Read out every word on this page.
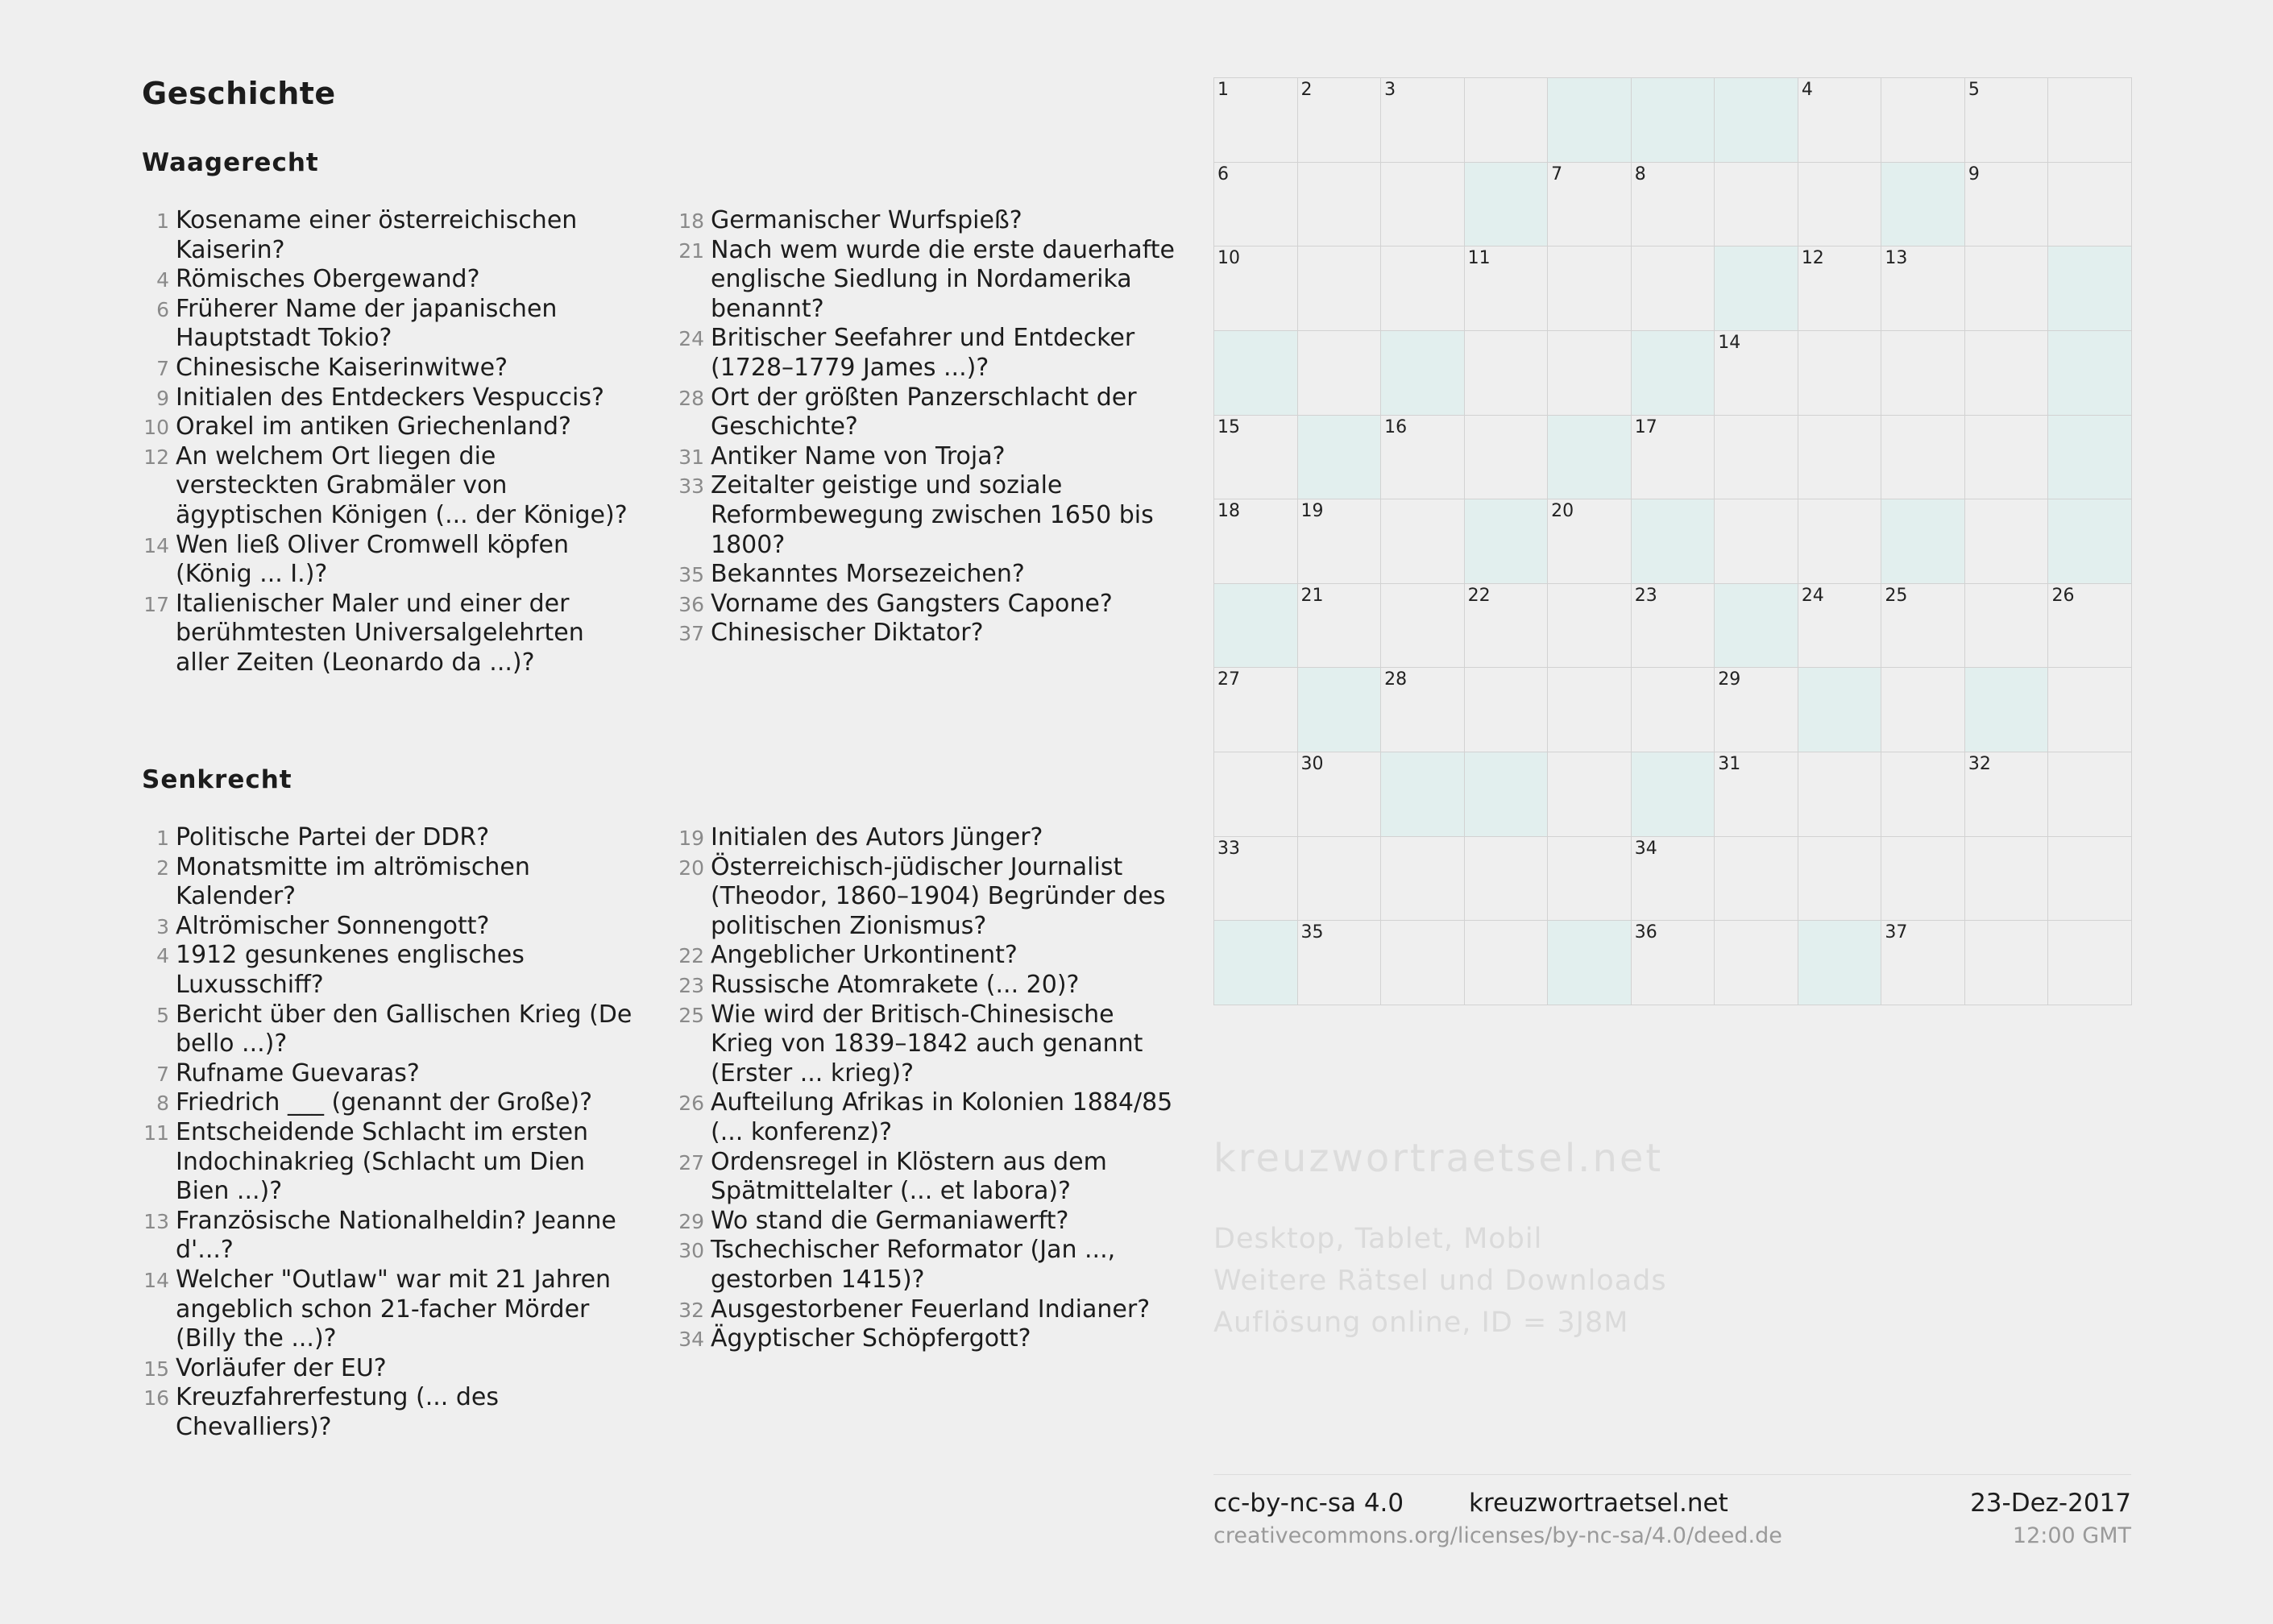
Geschichte
Waagerecht
Senkrecht
1 Kosename einer österreichischen Kaiserin?
4 Römisches Obergewand?
6 Früherer Name der japanischen Hauptstadt Tokio?
7 Chinesische Kaiserinwitwe?
9 Initialen des Entdeckers Vespuccis?
10 Orakel im antiken Griechenland?
12 An welchem Ort liegen die versteckten Grabmäler von ägyptischen Königen (... der Könige)?
14 Wen ließ Oliver Cromwell köpfen (König ... I.)?
17 Italienischer Maler und einer der berühmtesten Universalgelehrten aller Zeiten (Leonardo da ...)?
18 Germanischer Wurfspieß?
21 Nach wem wurde die erste dauerhafte englische Siedlung in Nordamerika benannt?
24 Britischer Seefahrer und Entdecker (1728–1779 James ...)?
28 Ort der größten Panzerschlacht der Geschichte?
31 Antiker Name von Troja?
33 Zeitalter geistige und soziale Reformbewegung zwischen 1650 bis 1800?
35 Bekanntes Morsezeichen?
36 Vorname des Gangsters Capone?
37 Chinesischer Diktator?
1 Politische Partei der DDR?
2 Monatsmitte im altrömischen Kalender?
3 Altrömischer Sonnengott?
4 1912 gesunkenes englisches Luxusschiff?
5 Bericht über den Gallischen Krieg (De bello ...)?
7 Rufname Guevaras?
8 Friedrich ___ (genannt der Große)?
11 Entscheidende Schlacht im ersten Indochinakrieg (Schlacht um Dien Bien ...)?
13 Französische Nationalheldin? Jeanne d'...?
14 Welcher "Outlaw" war mit 21 Jahren angeblich schon 21-facher Mörder (Billy the ...)?
15 Vorläufer der EU?
16 Kreuzfahrerfestung (... des Chevalliers)?
19 Initialen des Autors Jünger?
20 Österreichisch-jüdischer Journalist (Theodor, 1860–1904) Begründer des politischen Zionismus?
22 Angeblicher Urkontinent?
23 Russische Atomrakete (... 20)?
25 Wie wird der Britisch-Chinesische Krieg von 1839–1842 auch genannt (Erster ... krieg)?
26 Aufteilung Afrikas in Kolonien 1884/85 (... konferenz)?
27 Ordensregel in Klöstern aus dem Spätmittelalter (... et labora)?
29 Wo stand die Germaniawerft?
30 Tschechischer Reformator (Jan ..., gestorben 1415)?
32 Ausgestorbener Feuerland Indianer?
34 Ägyptischer Schöpfergott?
1	2	3	4	5
6	7	8	9
10	11	12	13
14
15	16	17
18	19	20
21	22	23	24	25	26
27	28	29
30	31	32
33	34
35	36	37
kreuzwortraetsel.net
Desktop, Tablet, Mobil
Weitere Rätsel und Downloads
Auflösung online, ID = 3J8M
cc-by-nc-sa 4.0	kreuzwortraetsel.net	23-Dez-2017
creativecommons.org/licenses/by-nc-sa/4.0/deed.de	12:00 GMT
